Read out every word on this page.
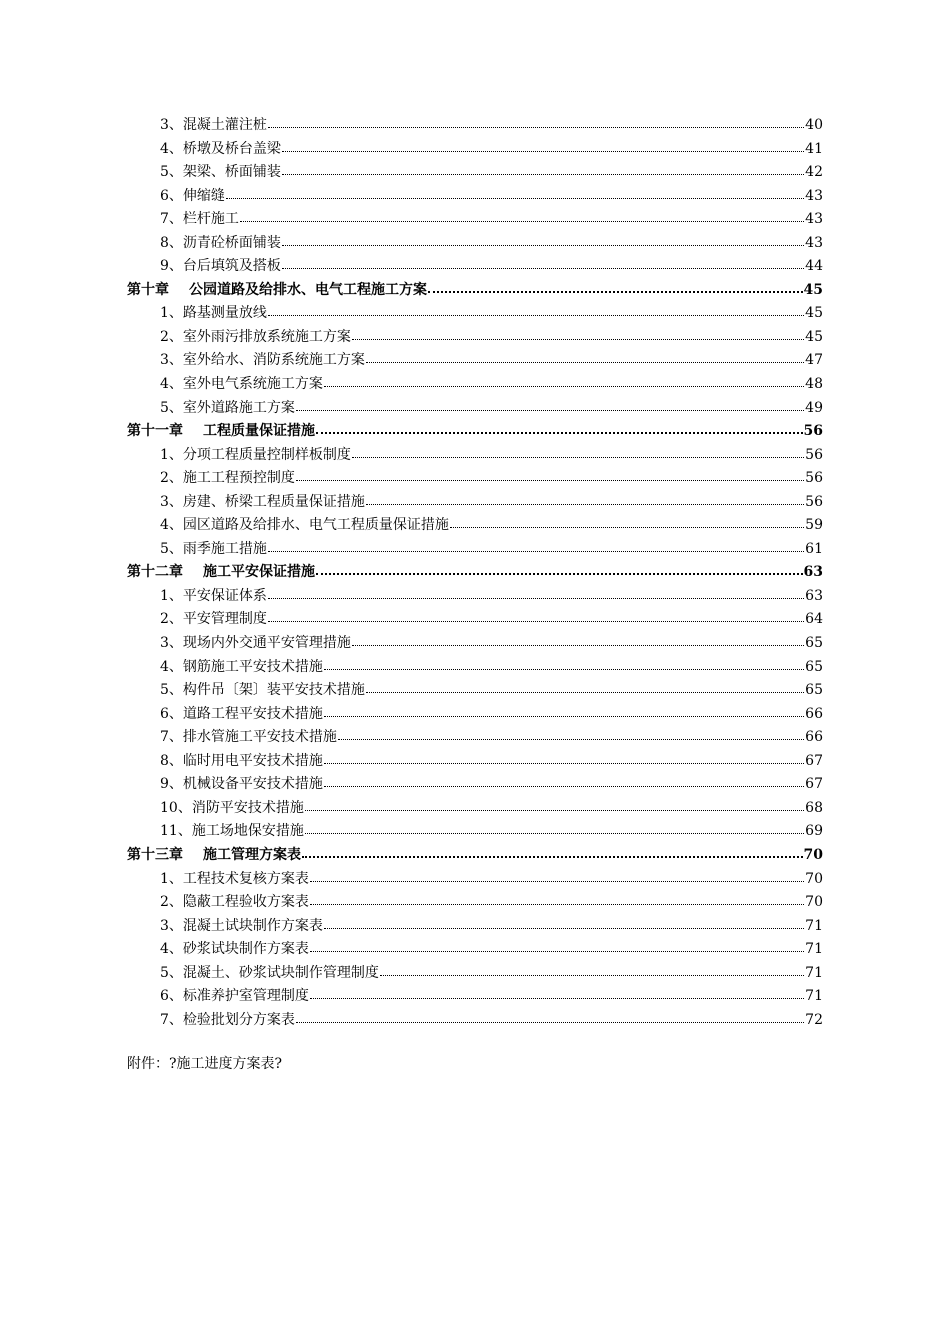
3、混凝土灌注桩	40
4、桥墩及桥台盖梁	41
5、架梁、桥面铺装	42
6、伸缩缝	43
7、栏杆施工	43
8、沥青砼桥面铺装	43
9、台后填筑及搭板	44
第十章 公园道路及给排水、电气工程施工方案	45
1、路基测量放线	45
2、室外雨污排放系统施工方案	45
3、室外给水、消防系统施工方案	47
4、室外电气系统施工方案	48
5、室外道路施工方案	49
第十一章 工程质量保证措施	56
1、分项工程质量控制样板制度	56
2、施工工程预控制度	56
3、房建、桥梁工程质量保证措施	56
4、园区道路及给排水、电气工程质量保证措施	59
5、雨季施工措施	61
第十二章 施工平安保证措施	63
1、平安保证体系	63
2、平安管理制度	64
3、现场内外交通平安管理措施	65
4、钢筋施工平安技术措施	65
5、构件吊〔架〕装平安技术措施	65
6、道路工程平安技术措施	66
7、排水管施工平安技术措施	66
8、临时用电平安技术措施	67
9、机械设备平安技术措施	67
10、消防平安技术措施	68
11、施工场地保安措施	69
第十三章 施工管理方案表	70
1、工程技术复核方案表	70
2、隐蔽工程验收方案表	70
3、混凝土试块制作方案表	71
4、砂浆试块制作方案表	71
5、混凝土、砂浆试块制作管理制度	71
6、标准养护室管理制度	71
7、检验批划分方案表	72
附件：?施工进度方案表?
